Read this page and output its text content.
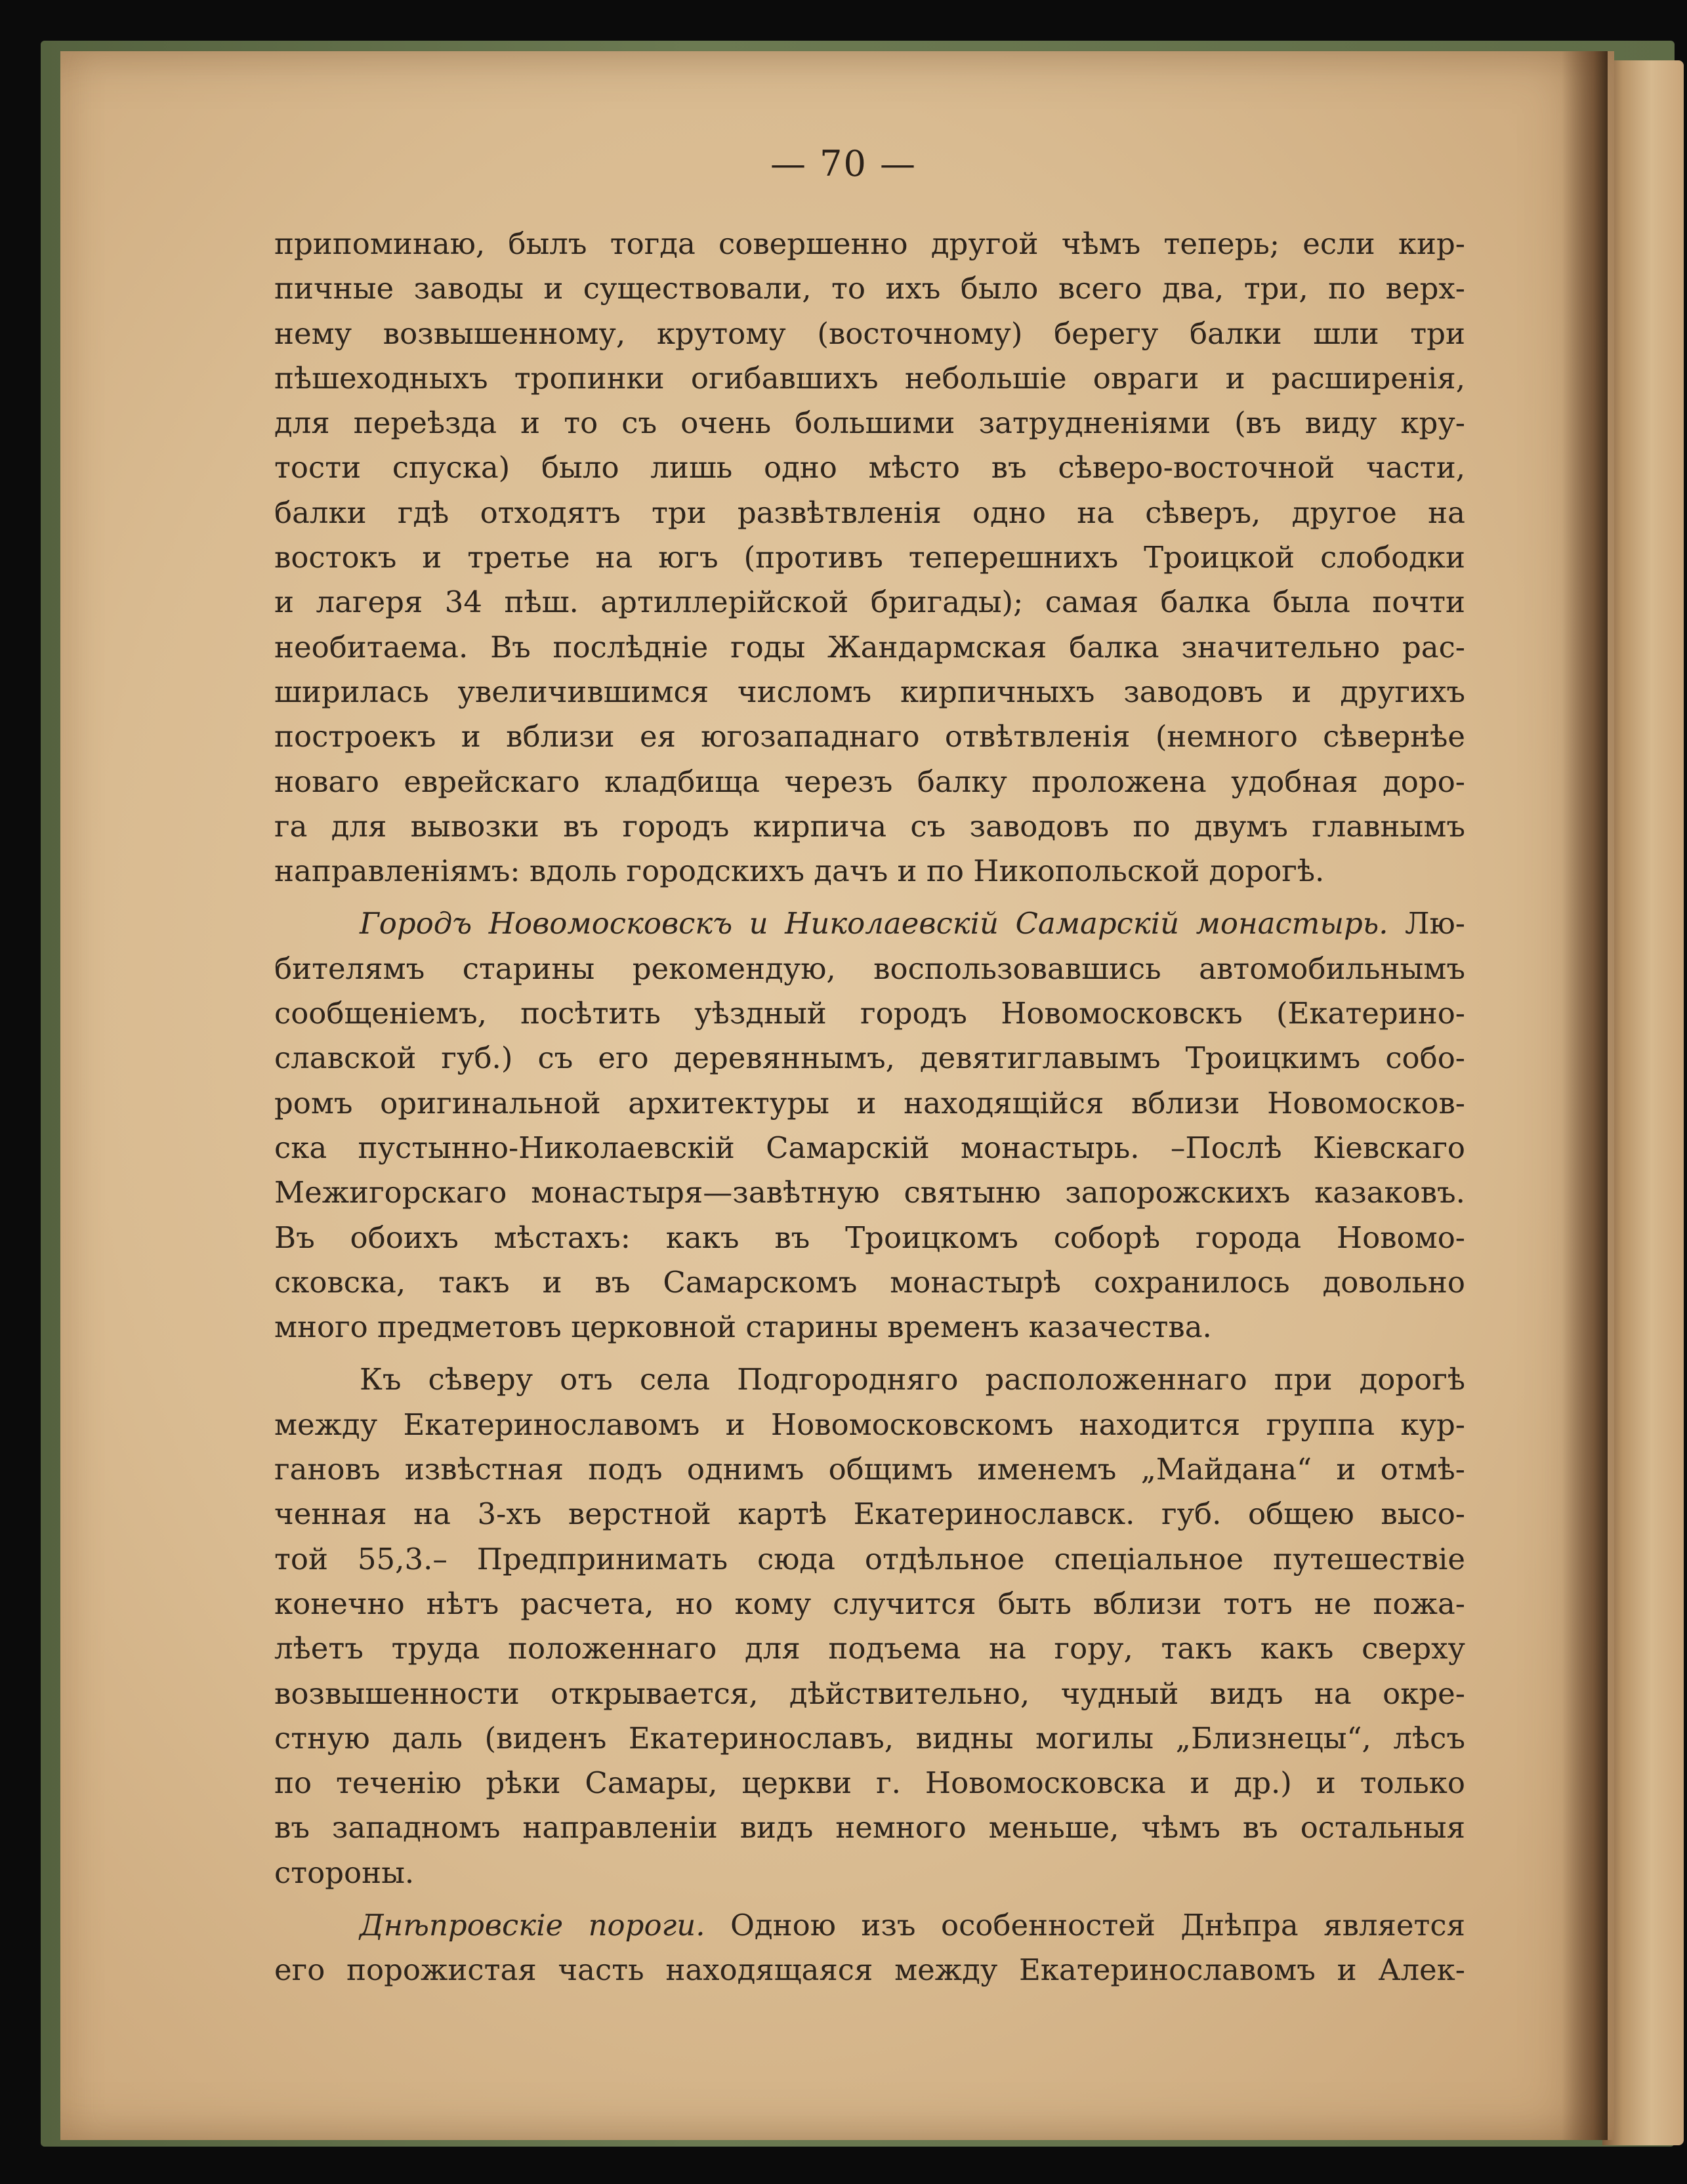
— 70 —
припоминаю, былъ тогда совершенно другой чѣмъ теперь; если кир-
пичные заводы и существовали, то ихъ было всего два, три, по верх-
нему возвышенному, крутому (восточному) берегу балки шли три
пѣшеходныхъ тропинки огибавшихъ небольшіе овраги и расширенія,
для переѣзда и то съ очень большими затрудненіями (въ виду кру-
тости спуска) было лишь одно мѣсто въ сѣверо-восточной части,
балки гдѣ отходятъ три развѣтвленія одно на сѣверъ, другое на
востокъ и третье на югъ (противъ теперешнихъ Троицкой слободки
и лагеря 34 пѣш. артиллерійской бригады); самая балка была почти
необитаема. Въ послѣдніе годы Жандармская балка значительно рас-
ширилась увеличившимся числомъ кирпичныхъ заводовъ и другихъ
построекъ и вблизи ея югозападнаго отвѣтвленія (немного сѣвернѣе
новаго еврейскаго кладбища черезъ балку проложена удобная доро-
га для вывозки въ городъ кирпича съ заводовъ по двумъ главнымъ
направленіямъ: вдоль городскихъ дачъ и по Никопольской дорогѣ.
Городъ Новомосковскъ и Николаевскій Самарскій монастырь. Лю-
бителямъ старины рекомендую, воспользовавшись автомобильнымъ
сообщеніемъ, посѣтить уѣздный городъ Новомосковскъ (Екатерино-
славской губ.) съ его деревяннымъ, девятиглавымъ Троицкимъ собо-
ромъ оригинальной архитектуры и находящійся вблизи Новомосков-
ска пустынно-Николаевскій Самарскій монастырь. –Послѣ Кіевскаго
Межигорскаго монастыря—завѣтную святыню запорожскихъ казаковъ.
Въ обоихъ мѣстахъ: какъ въ Троицкомъ соборѣ города Новомо-
сковска, такъ и въ Самарскомъ монастырѣ сохранилось довольно
много предметовъ церковной старины временъ казачества.
Къ сѣверу отъ села Подгородняго расположеннаго при дорогѣ
между Екатеринославомъ и Новомосковскомъ находится группа кур-
гановъ извѣстная подъ однимъ общимъ именемъ „Майдана“ и отмѣ-
ченная на 3-хъ верстной картѣ Екатеринославск. губ. общею высо-
той 55,3.– Предпринимать сюда отдѣльное спеціальное путешествіе
конечно нѣтъ расчета, но кому случится быть вблизи тотъ не пожа-
лѣетъ труда положеннаго для подъема на гору, такъ какъ сверху
возвышенности открывается, дѣйствительно, чудный видъ на окре-
стную даль (виденъ Екатеринославъ, видны могилы „Близнецы“, лѣсъ
по теченію рѣки Самары, церкви г. Новомосковска и др.) и только
въ западномъ направленіи видъ немного меньше, чѣмъ въ остальныя
стороны.
Днѣпровскіе пороги. Одною изъ особенностей Днѣпра является
его порожистая часть находящаяся между Екатеринославомъ и Алек-
